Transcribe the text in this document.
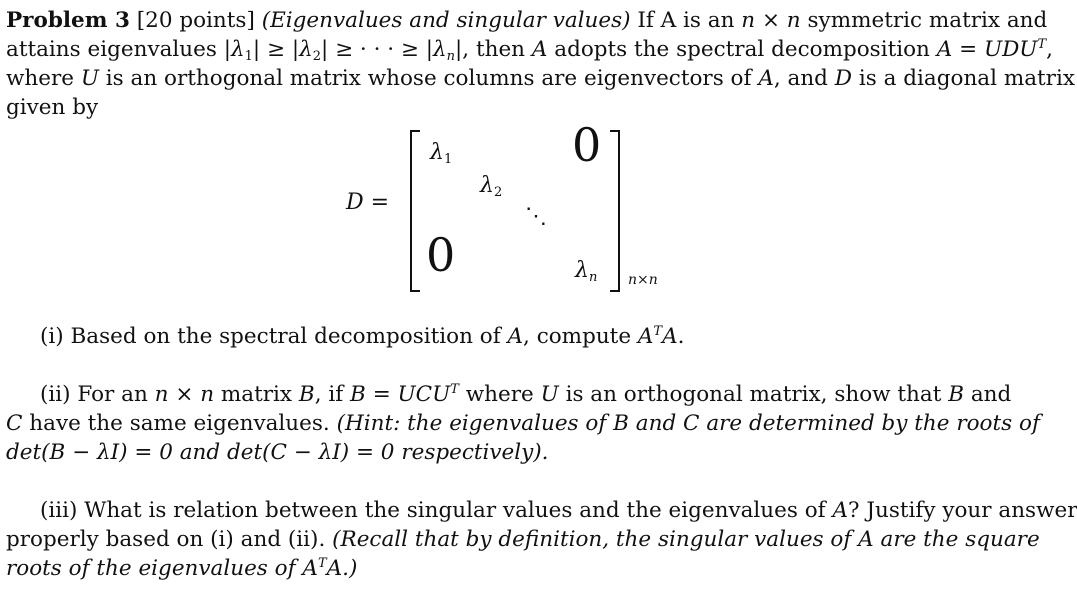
Problem 3 [20 points] (Eigenvalues and singular values) If A is an n × n symmetric matrix and
attains eigenvalues $|\lambda_1| \ge |\lambda_2|$ ≥ · · · ≥ $|\lambda_n|$, then A adopts the spectral decomposition $A = UDU^T$,
where U is an orthogonal matrix whose columns are eigenvectors of A, and D is a diagonal matrix
given by
D =
$\lambda_1$
$\lambda_2$
⋱
0
0	$\lambda_n$ n×n
(i) Based on the spectral decomposition of A, compute $A^TA$.
(ii) For an n × n matrix B, if $B = UCU^T$ where U is an orthogonal matrix, show that B and
C have the same eigenvalues. (Hint: the eigenvalues of B and C are determined by the roots of
det(B − λI) = 0 and det(C − λI) = 0 respectively).
(iii) What is relation between the singular values and the eigenvalues of A? Justify your answer
properly based on (i) and (ii). (Recall that by definition, the singular values of A are the square
roots of the eigenvalues of $A^TA$.)
